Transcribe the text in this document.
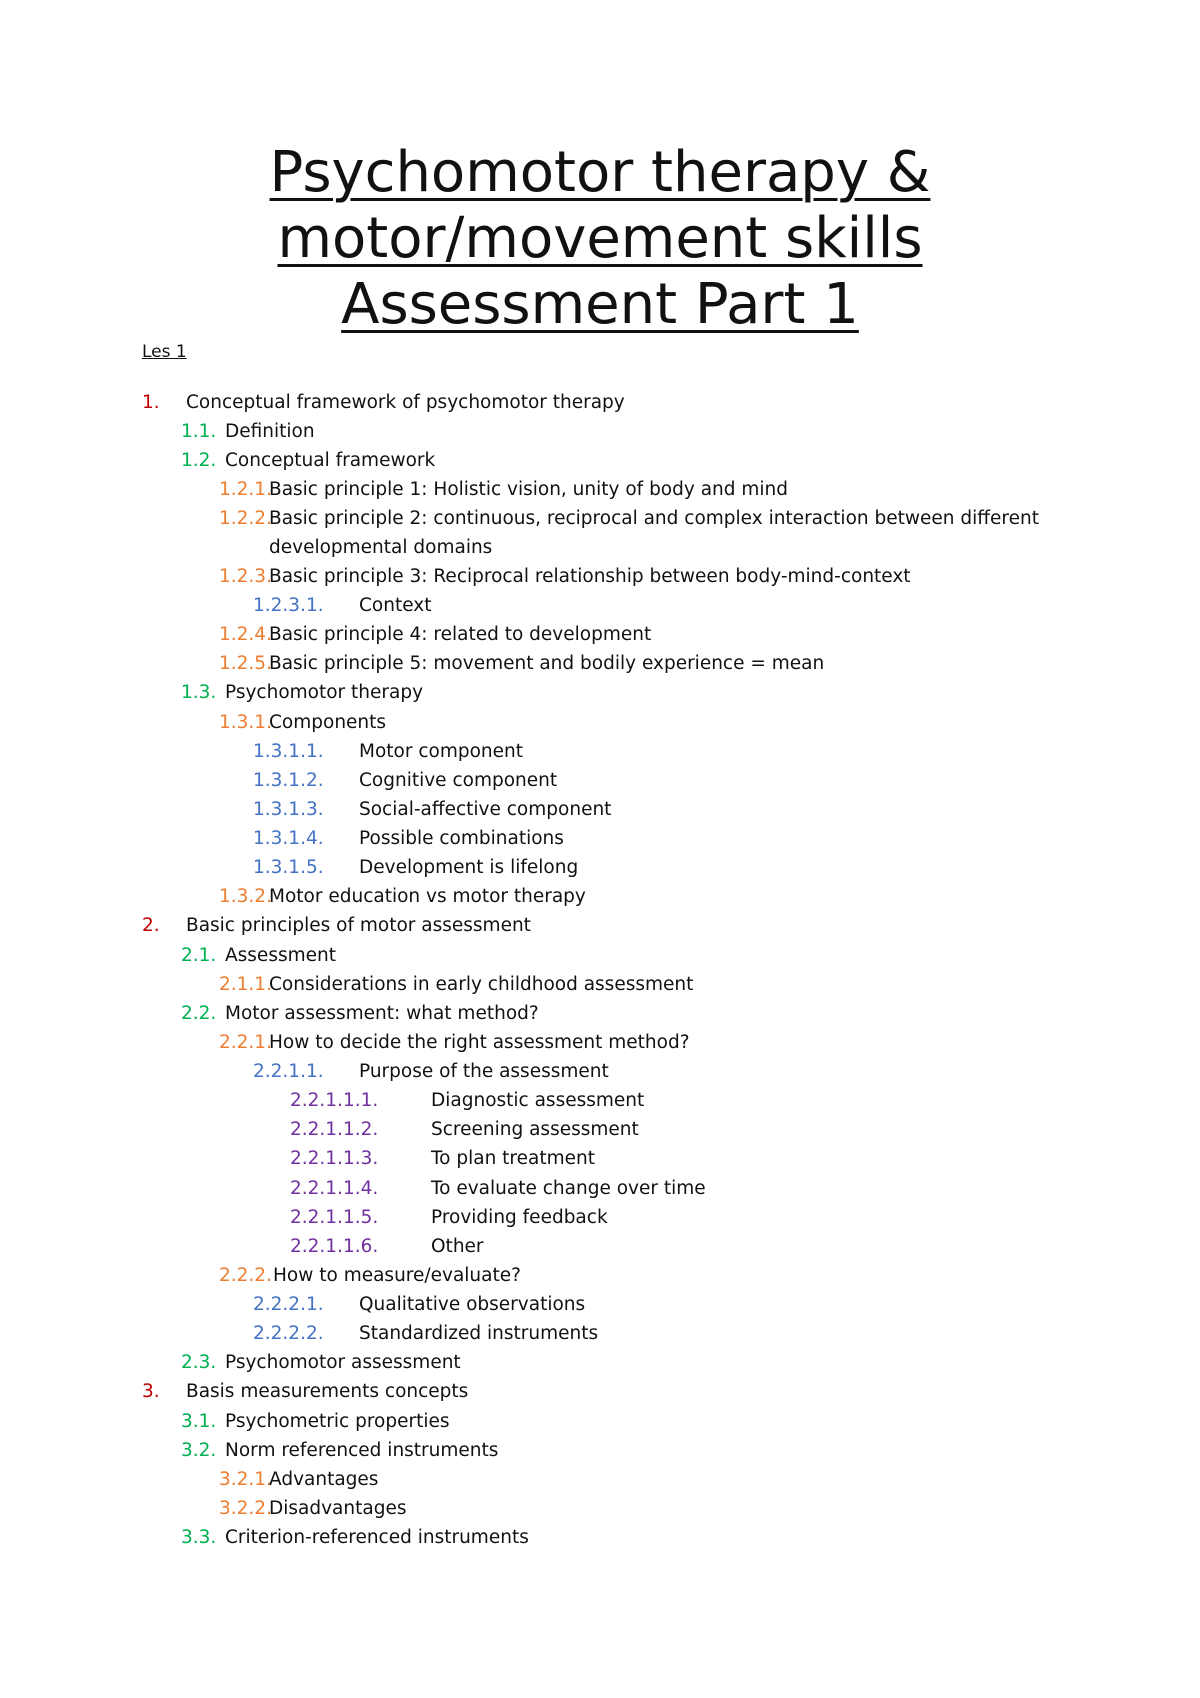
Psychomotor therapy &
motor/movement skills
Assessment Part 1
Les 1
1. Conceptual framework of psychomotor therapy
1.1. Definition
1.2. Conceptual framework
1.2.1.Basic principle 1: Holistic vision, unity of body and mind
1.2.2.Basic principle 2: continuous, reciprocal and complex interaction between different
developmental domains
1.2.3.Basic principle 3: Reciprocal relationship between body-mind-context
1.2.3.1. Context
1.2.4.Basic principle 4: related to development
1.2.5.Basic principle 5: movement and bodily experience = mean
1.3. Psychomotor therapy
1.3.1.Components
1.3.1.1. Motor component
1.3.1.2. Cognitive component
1.3.1.3. Social-affective component
1.3.1.4. Possible combinations
1.3.1.5. Development is lifelong
1.3.2.Motor education vs motor therapy
2. Basic principles of motor assessment
2.1. Assessment
2.1.1.Considerations in early childhood assessment
2.2. Motor assessment: what method?
2.2.1.How to decide the right assessment method?
2.2.1.1. Purpose of the assessment
2.2.1.1.1.	Diagnostic assessment
2.2.1.1.2.	Screening assessment
2.2.1.1.3.	To plan treatment
2.2.1.1.4.	To evaluate change over time
2.2.1.1.5.	Providing feedback
2.2.1.1.6.	Other
2.2.2.How to measure/evaluate?
2.2.2.1. Qualitative observations
2.2.2.2. Standardized instruments
2.3. Psychomotor assessment
3. Basis measurements concepts
3.1. Psychometric properties
3.2. Norm referenced instruments
3.2.1.Advantages
3.2.2.Disadvantages
3.3. Criterion-referenced instruments
